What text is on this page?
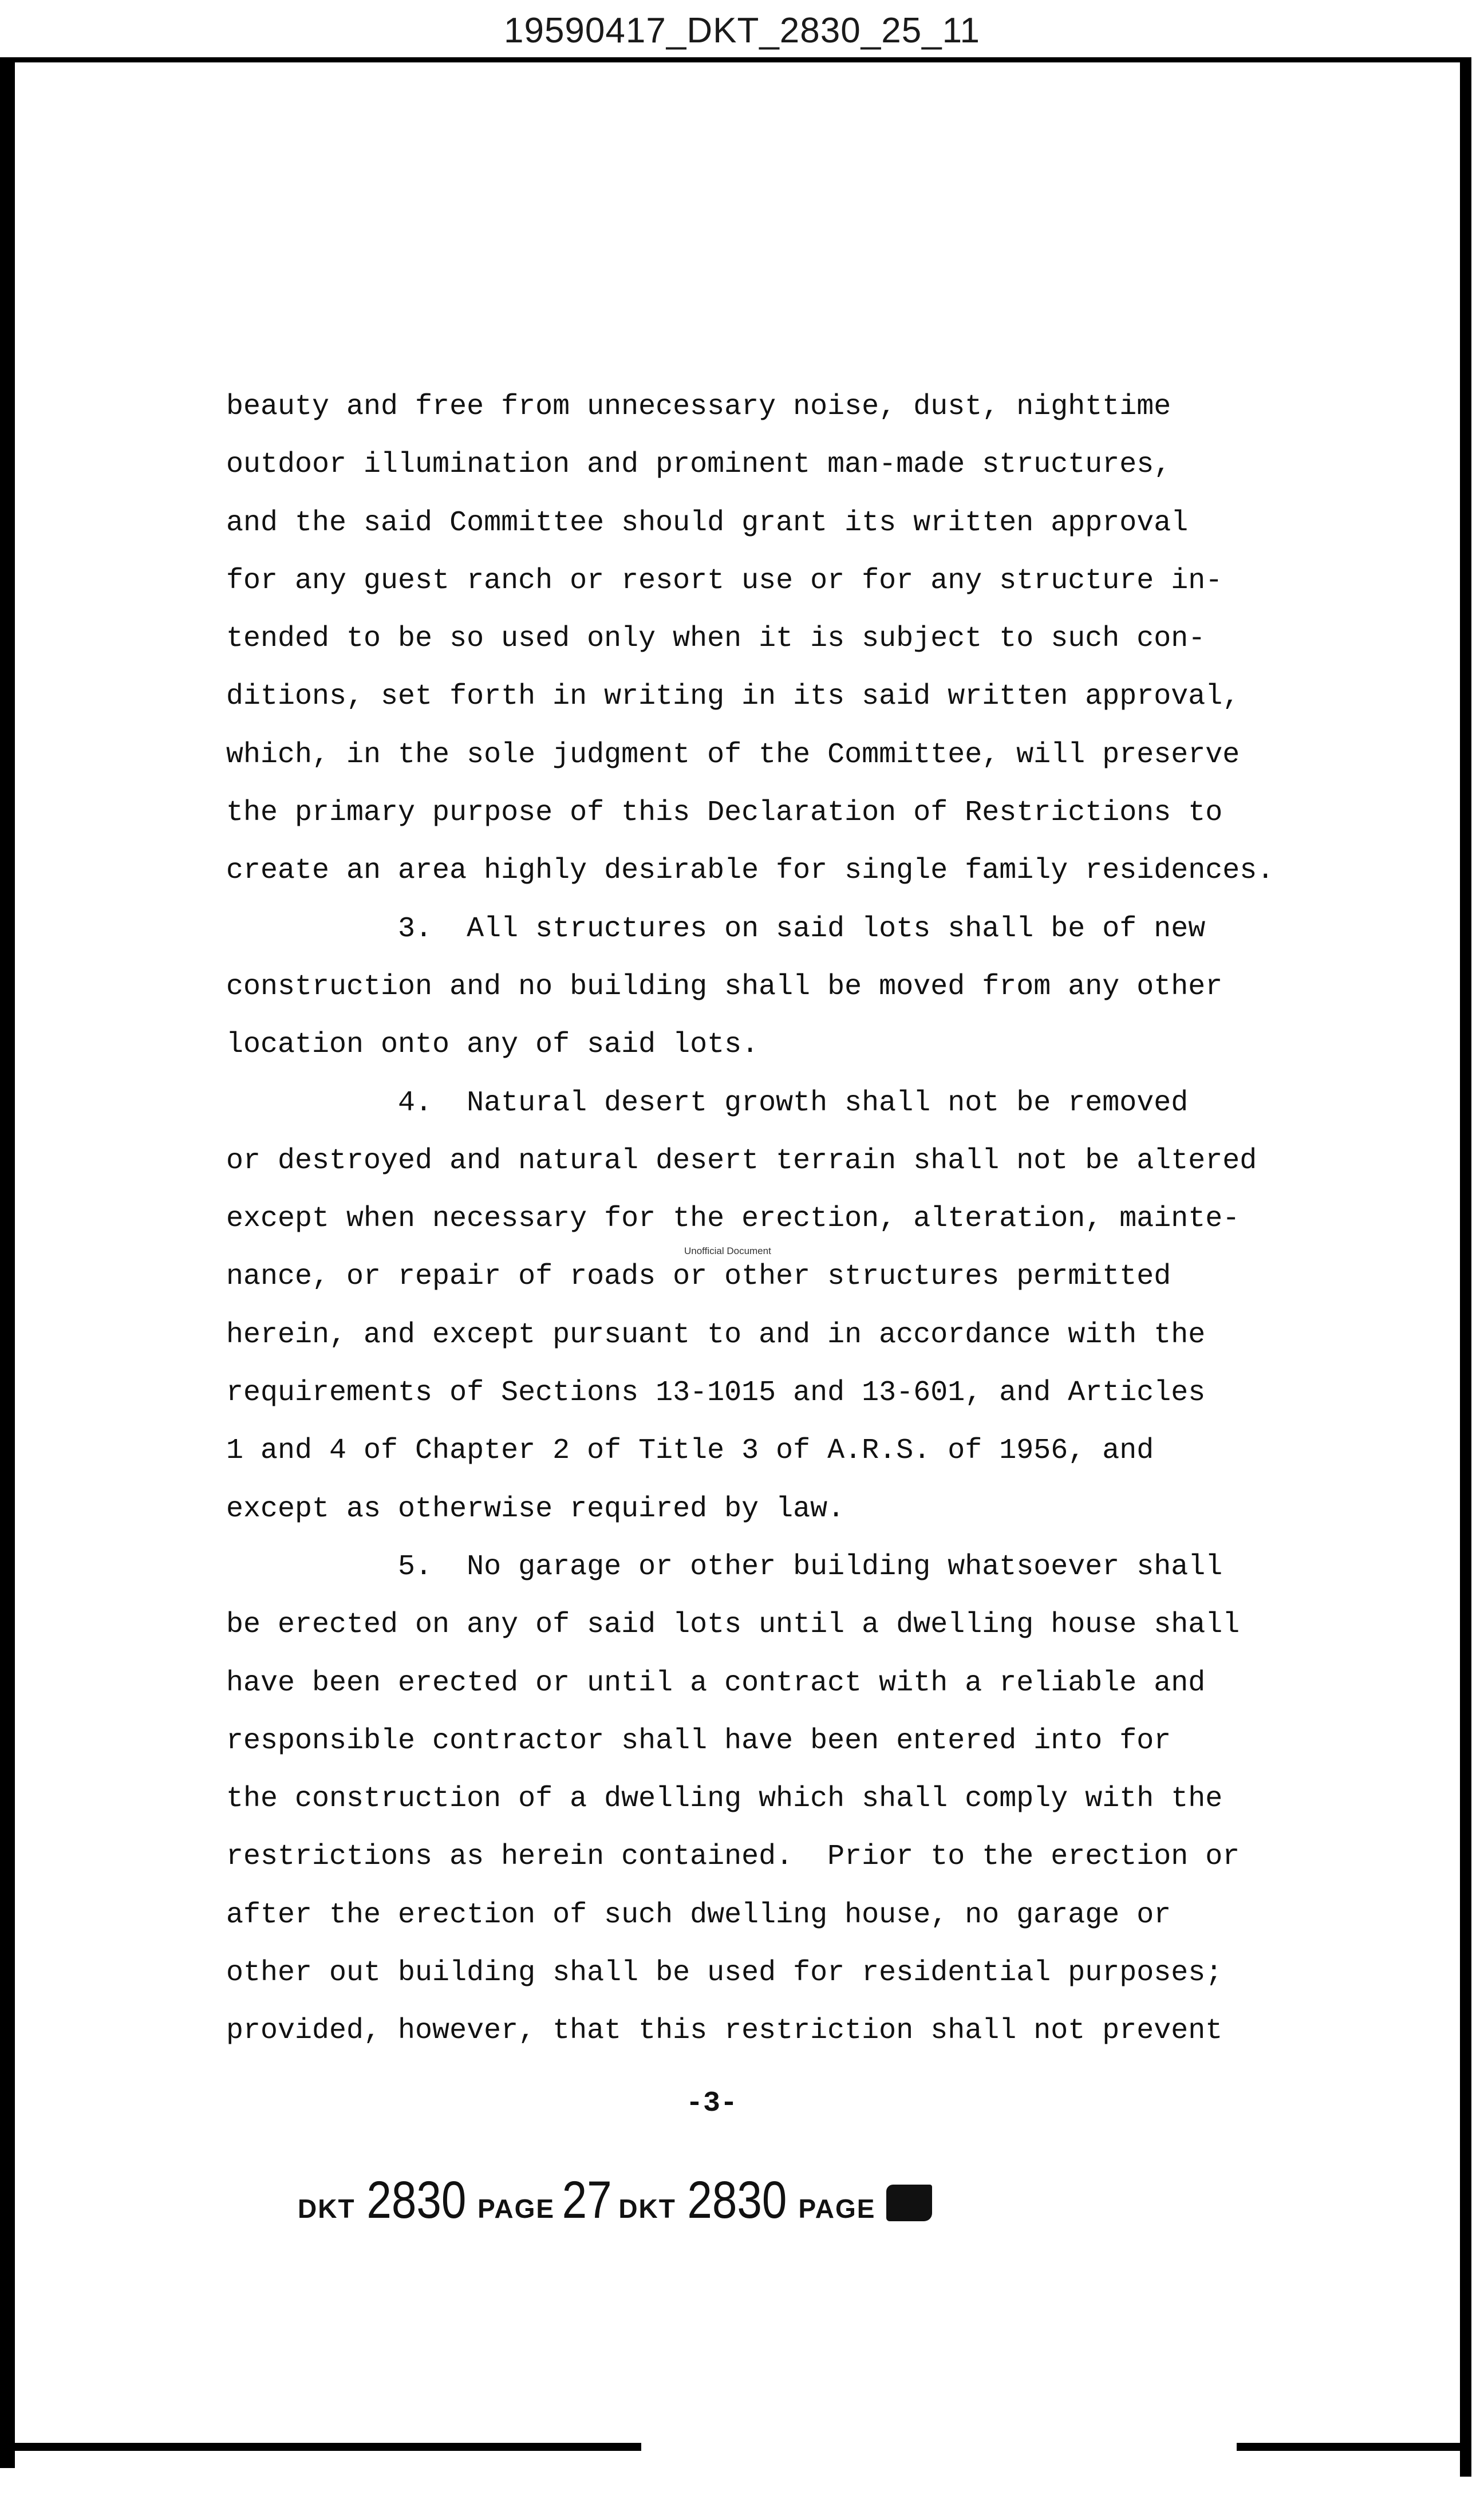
19590417_DKT_2830_25_11
beauty and free from unnecessary noise, dust, nighttime
outdoor illumination and prominent man-made structures,
and the said Committee should grant its written approval
for any guest ranch or resort use or for any structure in-
tended to be so used only when it is subject to such con-
ditions, set forth in writing in its said written approval,
which, in the sole judgment of the Committee, will preserve
the primary purpose of this Declaration of Restrictions to
create an area highly desirable for single family residences.
3.  All structures on said lots shall be of new
construction and no building shall be moved from any other
location onto any of said lots.
4.  Natural desert growth shall not be removed
or destroyed and natural desert terrain shall not be altered
except when necessary for the erection, alteration, mainte-
nance, or repair of roads or other structures permitted
herein, and except pursuant to and in accordance with the
requirements of Sections 13-1015 and 13-601, and Articles
1 and 4 of Chapter 2 of Title 3 of A.R.S. of 1956, and
except as otherwise required by law.
5.  No garage or other building whatsoever shall
be erected on any of said lots until a dwelling house shall
have been erected or until a contract with a reliable and
responsible contractor shall have been entered into for
the construction of a dwelling which shall comply with the
restrictions as herein contained.  Prior to the erection or
after the erection of such dwelling house, no garage or
other out building shall be used for residential purposes;
provided, however, that this restriction shall not prevent
Unofficial Document
-3-
DKT 2830 PAGE 27 DKT 2830 PAGE
